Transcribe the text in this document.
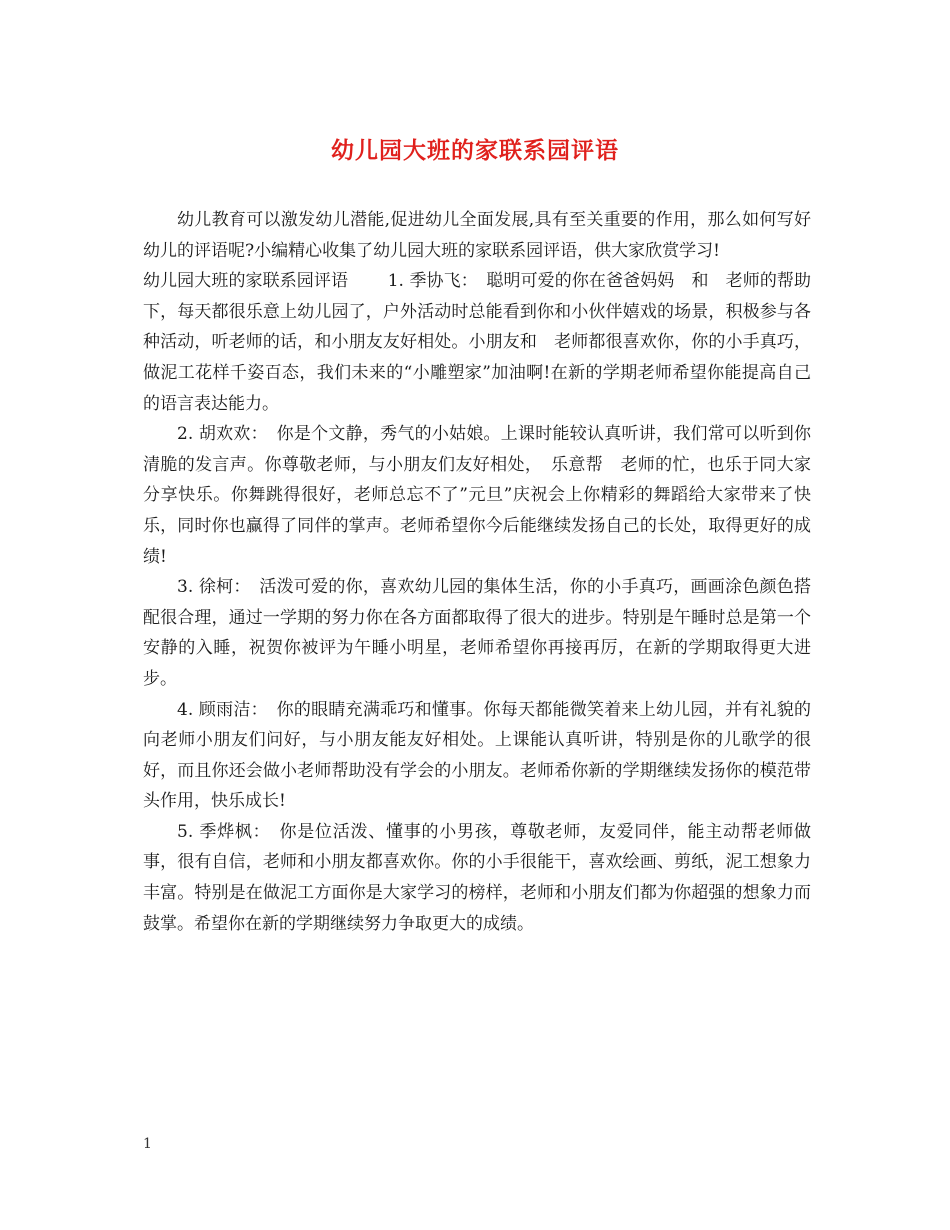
幼儿园大班的家联系园评语

幼儿教育可以激发幼儿潜能,促进幼儿全面发展,具有至关重要的作用，那么如何写好幼儿的评语呢?小编精心收集了幼儿园大班的家联系园评语，供大家欣赏学习!

幼儿园大班的家联系园评语　　 1. 季协飞：　聪明可爱的你在爸爸妈妈　和　老师的帮助下，每天都很乐意上幼儿园了，户外活动时总能看到你和小伙伴嬉戏的场景，积极参与各种活动，听老师的话，和小朋友友好相处。小朋友和　老师都很喜欢你，你的小手真巧，做泥工花样千姿百态，我们未来的“小雕塑家”加油啊!在新的学期老师希望你能提高自己的语言表达能力。

2. 胡欢欢：　你是个文静，秀气的小姑娘。上课时能较认真听讲，我们常可以听到你清脆的发言声。你尊敬老师，与小朋友们友好相处，　乐意帮　老师的忙，也乐于同大家分享快乐。你舞跳得很好，老师总忘不了”元旦”庆祝会上你精彩的舞蹈给大家带来了快乐，同时你也赢得了同伴的掌声。老师希望你今后能继续发扬自己的长处，取得更好的成绩!

3. 徐柯：　活泼可爱的你，喜欢幼儿园的集体生活，你的小手真巧，画画涂色颜色搭配很合理，通过一学期的努力你在各方面都取得了很大的进步。特别是午睡时总是第一个安静的入睡，祝贺你被评为午睡小明星，老师希望你再接再厉，在新的学期取得更大进步。

4. 顾雨洁：　你的眼睛充满乖巧和懂事。你每天都能微笑着来上幼儿园，并有礼貌的　向老师小朋友们问好，与小朋友能友好相处。上课能认真听讲，特别是你的儿歌学的很好，而且你还会做小老师帮助没有学会的小朋友。老师希你新的学期继续发扬你的模范带头作用，快乐成长!

5. 季烨枫：　你是位活泼、懂事的小男孩，尊敬老师，友爱同伴，能主动帮老师做事，很有自信，老师和小朋友都喜欢你。你的小手很能干，喜欢绘画、剪纸，泥工想象力丰富。特别是在做泥工方面你是大家学习的榜样，老师和小朋友们都为你超强的想象力而鼓掌。希望你在新的学期继续努力争取更大的成绩。

1
